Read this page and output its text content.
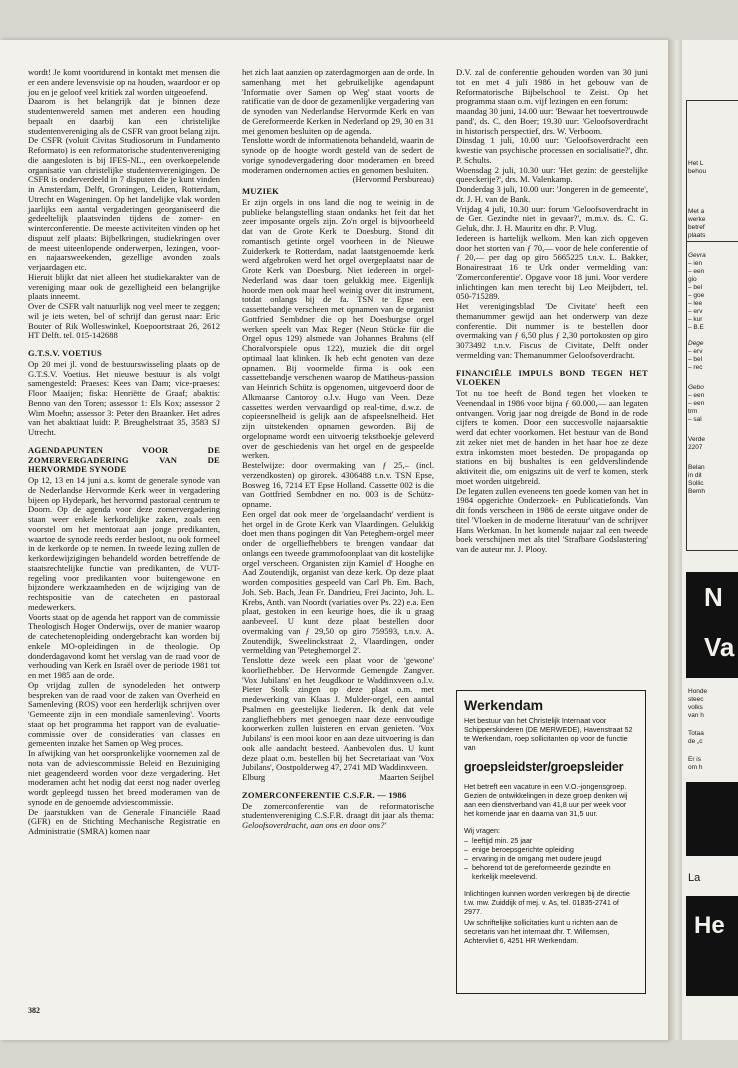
wordt! Je komt voortdurend in kontakt met mensen die er een andere levensvisie op na houden, waardoor er op jou en je geloof veel kritiek zal worden uitgeoefend.

Daarom is het belangrijk dat je binnen deze studentenwereld samen met anderen een houding bepaalt en daarbij kan een christelijke studentenvereniging als de CSFR van groot belang zijn.

De CSFR (voluit Civitas Studiosorum in Fundamento Reformato) is een reformatorische studentenvereniging die aangesloten is bij IFES-NL., een overkoepelende organisatie van christelijke studentenverenigingen. De CSFR is onderverdeeld in 7 disputen die je kunt vinden in Amsterdam, Delft, Groningen, Leiden, Rotterdam, Utrecht en Wageningen. Op het landelijke vlak worden jaarlijks een aantal vergaderingen georganiseerd die gedeeltelijk plaatsvinden tijdens de zomer- en winterconferentie. De meeste activiteiten vinden op het dispuut zelf plaats: Bijbelkringen, studiekringen over de meest uiteenlopende onderwerpen, lezingen, voor- en najaarsweekenden, gezellige avonden zoals verjaardagen etc.

Hieruit blijkt dat niet alleen het studiekarakter van de vereniging maar ook de gezelligheid een belangrijke plaats inneemt.

Over de CSFR valt natuurlijk nog veel meer te zeggen; wil je iets weten, bel of schrijf dan gerust naar: Eric Bouter of Rik Wolleswinkel, Koepoortstraat 26, 2612 HT Delft. tel. 015-142688

G.T.S.V. VOETIUS

Op 20 mei jl. vond de bestuurswisseling plaats op de G.T.S.V. Voetius. Het nieuwe bestuur is als volgt samengesteld: Praeses: Kees van Dam; vice-praeses: Floor Maaijen; fiska: Henriëtte de Graaf; abaktis: Benno van den Toren; assessor 1: Els Kox; assessor 2 Wim Moehn; assessor 3: Peter den Braanker. Het adres van het abaktiaat luidt: P. Breughelstraat 35, 3583 SJ Utrecht.

AGENDAPUNTEN VOOR DE ZOMERVERGADERING VAN DE HERVORMDE SYNODE

Op 12, 13 en 14 juni a.s. komt de generale synode van de Nederlandse Hervormde Kerk weer in vergadering bijeen op Hydepark, het hervormd pastoraal centrum te Doorn. Op de agenda voor deze zomervergadering staan weer enkele kerkordelijke zaken, zoals een voorstel om het mentoraat aan jonge predikanten, waartoe de synode reeds eerder besloot, nu ook formeel in de kerkorde op te nemen. In tweede lezing zullen de kerkordewijzigingen behandeld worden betreffende de staatsrechtelijke functie van predikanten, de VUT-regeling voor predikanten voor buitengewone en bijzondere werkzaamheden en de wijziging van de rechtspositie van de catecheten en pastoraal medewerkers.

Voorts staat op de agenda het rapport van de commissie Theologisch Hoger Onderwijs, over de manier waarop de catechetenopleiding ondergebracht kan worden bij enkele MO-opleidingen in de theologie. Op donderdagavond komt het verslag van de raad voor de verhouding van Kerk en Israël over de periode 1981 tot en met 1985 aan de orde.

Op vrijdag zullen de synodeleden het ontwerp bespreken van de raad voor de zaken van Overheid en Samenleving (ROS) voor een herderlijk schrijven over 'Gemeente zijn in een mondiale samenleving'. Voorts staat op het programma het rapport van de evaluatie-commissie over de consideraties van classes en gemeenten inzake het Samen op Weg proces.

In afwijking van het oorspronkelijke voornemen zal de nota van de adviescommissie Beleid en Bezuiniging niet geagendeerd worden voor deze vergadering. Het moderamen acht het nodig dat eerst nog nader overleg wordt gepleegd tussen het breed moderamen van de synode en de genoemde adviescommissie.

De jaarstukken van de Generale Financiële Raad (GFR) en de Stichting Mechanische Registratie en Administratie (SMRA) komen naar

het zich laat aanzien op zaterdagmorgen aan de orde. In samenhang met het gebruikelijke agendapunt 'Informatie over Samen op Weg' staat voorts de ratificatie van de door de gezamenlijke vergadering van de synoden van Nederlandse Hervormde Kerk en van de Gereformeerde Kerken in Nederland op 29, 30 en 31 mei genomen besluiten op de agenda.

Tenslotte wordt de informatienota behandeld, waarin de synode op de hoogte wordt gesteld van de sedert de vorige synodevergadering door moderamen en breed moderamen ondernomen acties en genomen besluiten.

(Hervormd Persbureau)

MUZIEK

Er zijn orgels in ons land die nog te weinig in de publieke belangstelling staan ondanks het feit dat het zeer imposante orgels zijn. Zo'n orgel is bijvoorbeeld dat van de Grote Kerk te Doesburg. Stond dit romantisch getinte orgel voorheen in de Nieuwe Zuiderkerk te Rotterdam, nadat laatstgenoemde kerk werd afgebroken werd het orgel overgeplaatst naar de Grote Kerk van Doesburg. Niet iedereen in orgel-Nederland was daar toen gelukkig mee. Eigenlijk hoorde men ook maar heel weinig over dit instrument, totdat onlangs bij de fa. TSN te Epse een cassettebandje verscheen met opnamen van de organist Gottfried Sembdner die op het Doesburgse orgel werken speelt van Max Reger (Neun Stücke für die Orgel opus 129) alsmede van Johannes Brahms (elf Choralvorspiele opus 122), muziek die dit orgel optimaal laat klinken. Ik heb echt genoten van deze opnamen. Bij voormelde firma is ook een cassettebandje verschenen waarop de Mattheus-passion van Heinrich Schütz is opgenomen, uitgevoerd door de Alkmaarse Cantoroy o.l.v. Hugo van Veen. Deze cassettes werden vervaardigd op real-time, d.w.z. de copieersnelheid is gelijk aan de afspeelsnelheid. Het zijn uitstekenden opnamen geworden. Bij de orgelopname wordt een uitvoerig tekstboekje geleverd over de geschiedenis van het orgel en de gespeelde werken.

Bestelwijze: door overmaking van ƒ 25,– (incl. verzendkosten) op girorek. 4306488 t.n.v. TSN Epse, Bosweg 16, 7214 ET Epse Holland. Cassette 002 is die van Gottfried Sembdner en no. 003 is de Schütz-opname.

Een orgel dat ook meer de 'orgelaandacht' verdient is het orgel in de Grote Kerk van Vlaardingen. Gelukkig doet men thans pogingen dit Van Peteghem-orgel meer onder de orgelliefhebbers te brengen vandaar dat onlangs een tweede grammofoonplaat van dit kostelijke orgel verscheen. Organisten zijn Kamiel d' Hooghe en Aad Zoutendijk, organist van deze kerk. Op deze plaat worden composities gespeeld van Carl Ph. Em. Bach, Joh. Seb. Bach, Jean Fr. Dandrieu, Frei Jacinto, Joh. L. Krebs, Anth. van Noordt (variaties over Ps. 22) e.a. Een plaat, gestoken in een keurige hoes, die ik u graag aanbeveel. U kunt deze plaat bestellen door overmaking van ƒ 29,50 op giro 759593, t.n.v. A. Zoutendijk, Sweelinckstraat 2, Vlaardingen, onder vermelding van 'Peteghemorgel 2'.

Tenslotte deze week een plaat voor de 'gewone' koorliefhebber. De Hervormde Gemengde Zangver. 'Vox Jubilans' en het Jeugdkoor te Waddinxveen o.l.v. Pieter Stolk zingen op deze plaat o.m. met medewerking van Klaas J. Mulder-orgel, een aantal Psalmen en geestelijke liederen. Ik denk dat vele zangliefhebbers met genoegen naar deze eenvoudige koorwerken zullen luisteren en ervan genieten. 'Vox Jubilans' is een mooi koor en aan deze uitvoering is dan ook alle aandacht besteed. Aanbevolen dus. U kunt deze plaat o.m. bestellen bij het Secretariaat van 'Vox Jubilans', Oostpolderweg 47, 2741 MD Waddinxveen.

Elburg	Maarten Seijbel
ZOMERCONFERENTIE C.S.F.R. — 1986

De zomerconferentie van de reformatorische studentenvereniging C.S.F.R. draagt dit jaar als thema: Geloofsoverdracht, aan ons en door ons?'

D.V. zal de conferentie gehouden worden van 30 juni tot en met 4 juli 1986 in het gebouw van de Reformatorische Bijbelschool te Zeist. Op het programma staan o.m. vijf lezingen en een forum:

maandag 30 juni, 14.00 uur: 'Bewaar het toevertrouwde pand', ds. C. den Boer; 19.30 uur: 'Geloofsoverdracht in historisch perspectief, drs. W. Verboom.

Dinsdag 1 juli, 10.00 uur: 'Geloofsoverdracht een kwestie van psychische processen en socialisatie?', dhr. P. Schults.

Woensdag 2 juli, 10.30 uur: 'Het gezin: de geestelijke queeckerije?', drs. M. Valenkamp.

Donderdag 3 juli, 10.00 uur: 'Jongeren in de gemeente', dr. J. H. van de Bank.

Vrijdag 4 juli, 10.30 uur: forum 'Geloofsoverdracht in de Ger. Gezindte niet in gevaar?', m.m.v. ds. C. G. Geluk, dhr. J. H. Mauritz en dhr. P. Vlug.

Iedereen is hartelijk welkom. Men kan zich opgeven door het storten van ƒ 70,— voor de hele conferentie of ƒ 20,— per dag op giro 5665225 t.n.v. L. Bakker, Bonairestraat 16 te Urk onder vermelding van: 'Zomerconferentie'. Opgave voor 18 juni. Voor verdere inlichtingen kan men terecht bij Leo Meijbdert, tel. 050-715289.

Het verenigingsblad 'De Civitate' heeft een themanummer gewijd aan het onderwerp van deze conferentie. Dit nummer is te bestellen door overmaking van ƒ 6,50 plus ƒ 2,30 portokosten op giro 3073492 t.n.v. Fiscus de Civitate, Delft onder vermelding van: Themanummer Geloofsoverdracht.

FINANCIËLE IMPULS BOND TEGEN HET VLOEKEN

Tot nu toe heeft de Bond tegen het vloeken te Veenendaal in 1986 voor bijna ƒ 60.000,— aan legaten ontvangen. Vorig jaar nog dreigde de Bond in de rode cijfers te komen. Door een succesvolle najaarsaktie werd dat echter voorkomen. Het bestuur van de Bond zit zeker niet met de handen in het haar hoe ze deze extra inkomsten moet besteden. De propaganda op stations en bij bushaltes is een geldverslindende aktiviteit die, om enigszins uit de verf te komen, sterk moet worden uitgebreid.

De legaten zullen eveneens ten goede komen van het in 1984 opgerichte Onderzoek- en Publicatiefonds. Van dit fonds verscheen in 1986 de eerste uitgave onder de titel 'Vloeken in de moderne literatuur' van de schrijver Hans Werkman. In het komende najaar zal een tweede boek verschijnen met als titel 'Strafbare Godslastering' van de auteur mr. J. Plooy.

Werkendam
Het bestuur van het Christelijk Internaat voor Schipperskinderen (DE MERWEDE), Havenstraat 52 te Werkendam, roep sollicitanten op voor de functie van
groepsleidster/groepsleider
Het betreft een vacature in een V.O.-jongensgroep.
Gezien de ontwikkelingen in deze groep denken wij aan een dienstverband van 41,8 uur per week voor het komende jaar en daarna van 31,5 uur.
Wij vragen:
– leeftijd min. 25 jaar
– enige beroepsgerichte opleiding
– ervaring in de omgang met oudere jeugd
– behorend tot de gereformeerde gezindte en kerkelijk meelevend.
Inlichtingen kunnen worden verkregen bij de directie t.w. mw. Zuiddijk of mej. v. As, tel. 01835-2741 of 2977.
Uw schriftelijke sollicitaties kunt u richten aan de secretaris van het internaat dhr. T. Willemsen, Achtervliet 6, 4251 HR Werkendam.
382
Het L
behou
Met a
werke
betref
plaats
Gevra
– ien
– een
gio
– bel
– goe
– lee
– erv
– kur
– B.E
Dege
– erv
– bel
– rec
Gebo
– een
– een
trm
– sal
Verde
2207
Belan
in dit
Sollic
Bemh
N
Va
Honde
steec
volks
van h
Totaa
de „c
Er is
om h
La
He
